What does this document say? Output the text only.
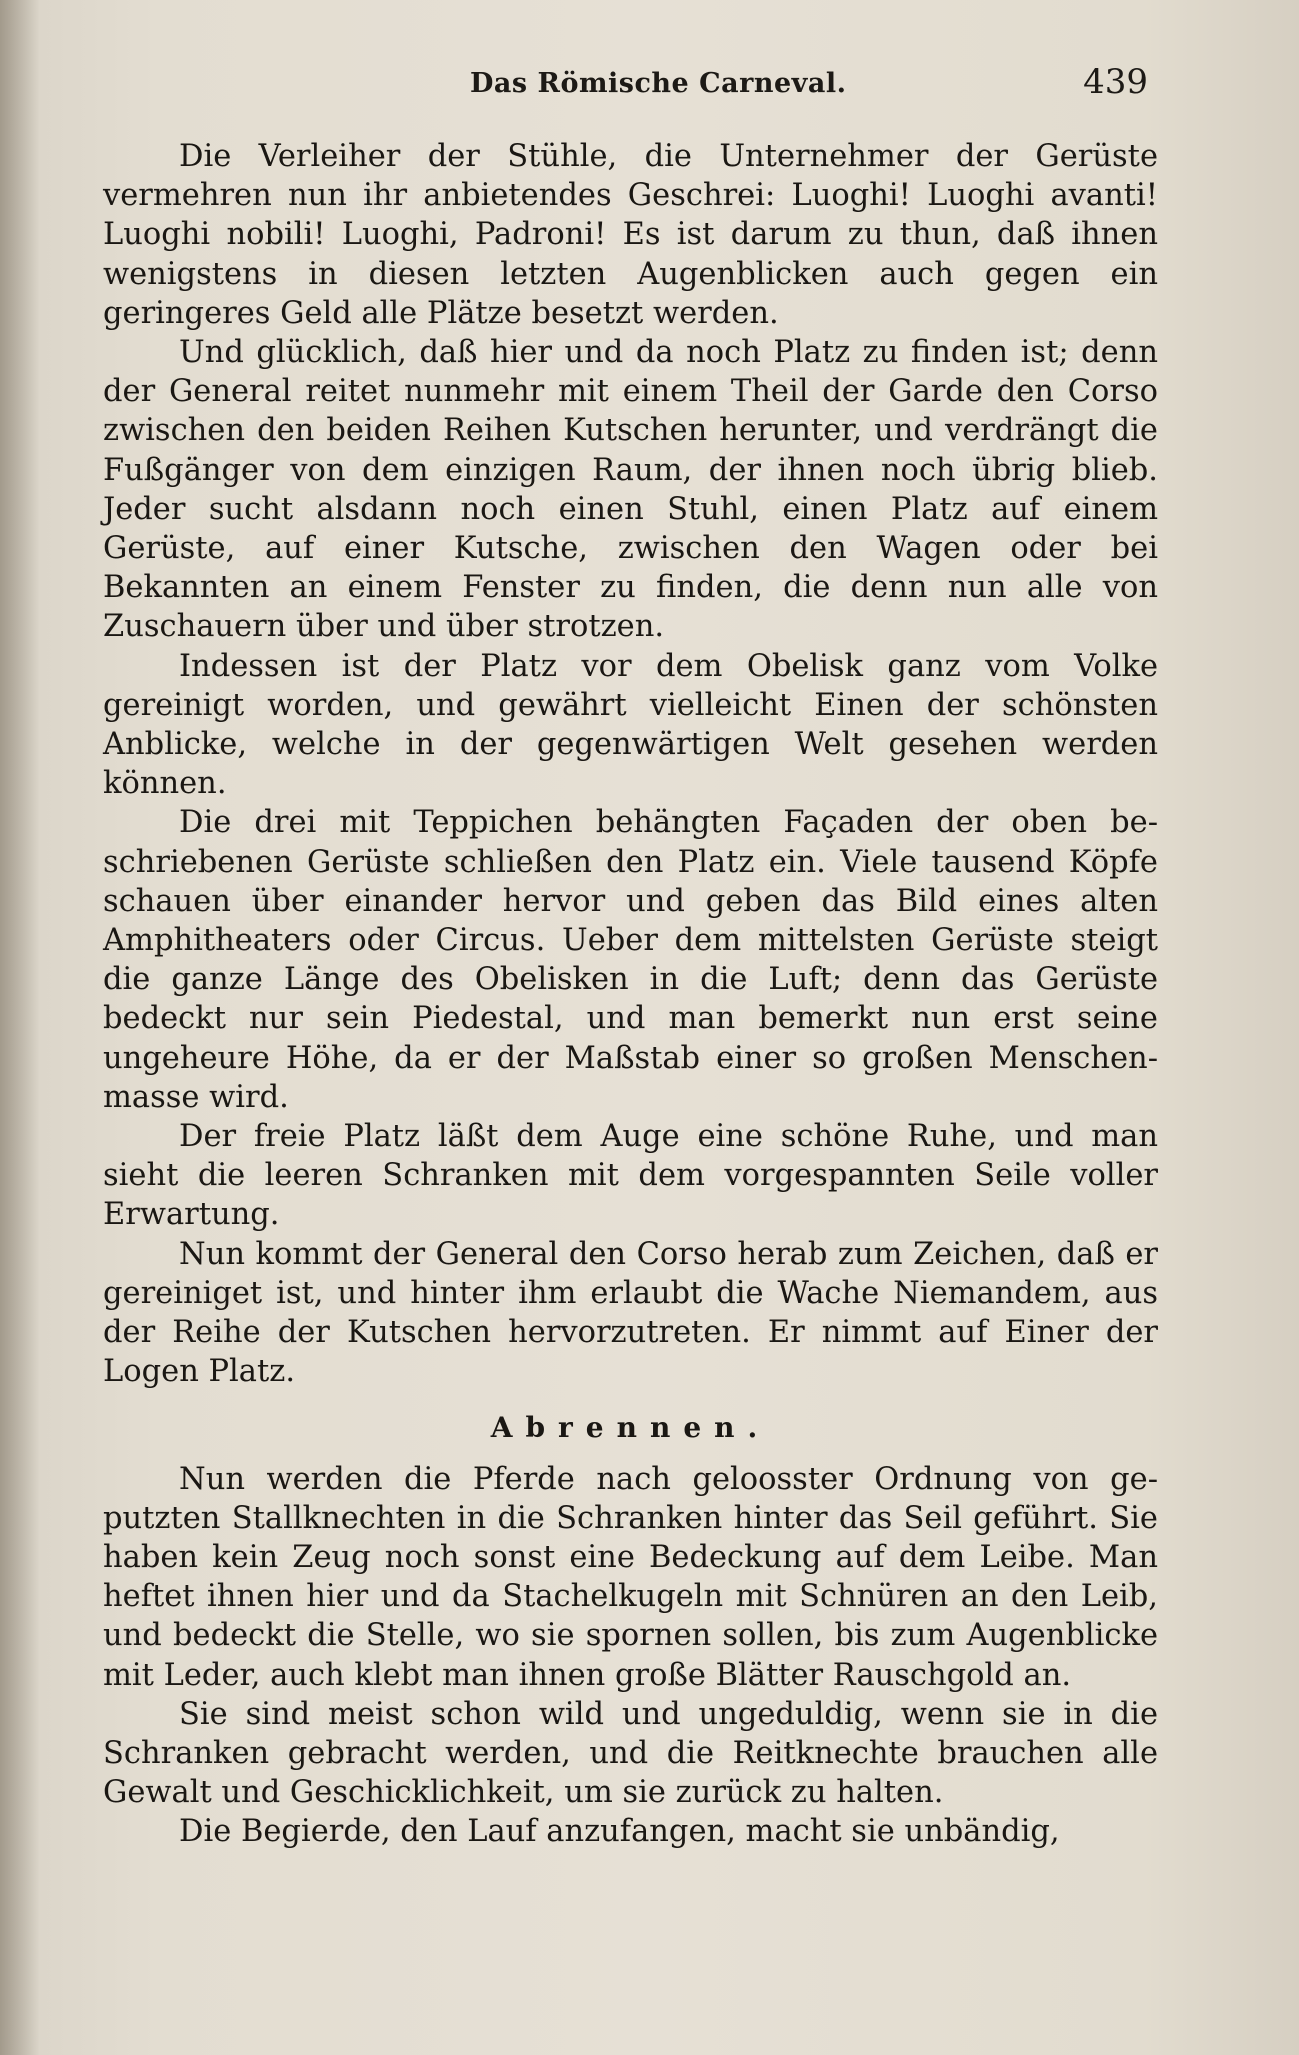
Das Römische Carneval.	439

Die Verleiher der Stühle, die Unternehmer der Gerüste vermehren nun ihr anbietendes Geschrei: Luoghi! Luoghi avanti! Luoghi nobili! Luoghi, Padroni! Es ist darum zu thun, daß ihnen wenigstens in diesen letzten Augenblicken auch gegen ein geringeres Geld alle Plätze besetzt werden.

Und glücklich, daß hier und da noch Platz zu finden ist; denn der General reitet nunmehr mit einem Theil der Garde den Corso zwischen den beiden Reihen Kutschen herunter, und verdrängt die Fußgänger von dem einzigen Raum, der ihnen noch übrig blieb. Jeder sucht alsdann noch einen Stuhl, einen Platz auf einem Gerüste, auf einer Kutsche, zwischen den Wagen oder bei Bekannten an einem Fenster zu finden, die denn nun alle von Zuschauern über und über strotzen.

Indessen ist der Platz vor dem Obelisk ganz vom Volke gereinigt worden, und gewährt vielleicht Einen der schönsten Anblicke, welche in der gegenwärtigen Welt gesehen werden können.

Die drei mit Teppichen behängten Façaden der oben beschriebenen Gerüste schließen den Platz ein. Viele tausend Köpfe schauen über einander hervor und geben das Bild eines alten Amphitheaters oder Circus. Ueber dem mittelsten Gerüste steigt die ganze Länge des Obelisken in die Luft; denn das Gerüste bedeckt nur sein Piedestal, und man bemerkt nun erst seine ungeheure Höhe, da er der Maßstab einer so großen Menschenmasse wird.

Der freie Platz läßt dem Auge eine schöne Ruhe, und man sieht die leeren Schranken mit dem vorgespannten Seile voller Erwartung.

Nun kommt der General den Corso herab zum Zeichen, daß er gereiniget ist, und hinter ihm erlaubt die Wache Niemandem, aus der Reihe der Kutschen hervorzutreten. Er nimmt auf Einer der Logen Platz.

Abrennen.

Nun werden die Pferde nach geloosster Ordnung von geputzten Stallknechten in die Schranken hinter das Seil geführt. Sie haben kein Zeug noch sonst eine Bedeckung auf dem Leibe. Man heftet ihnen hier und da Stachelkugeln mit Schnüren an den Leib, und bedeckt die Stelle, wo sie spornen sollen, bis zum Augenblicke mit Leder, auch klebt man ihnen große Blätter Rauschgold an.

Sie sind meist schon wild und ungeduldig, wenn sie in die Schranken gebracht werden, und die Reitknechte brauchen alle Gewalt und Geschicklichkeit, um sie zurück zu halten.

Die Begierde, den Lauf anzufangen, macht sie unbändig,
